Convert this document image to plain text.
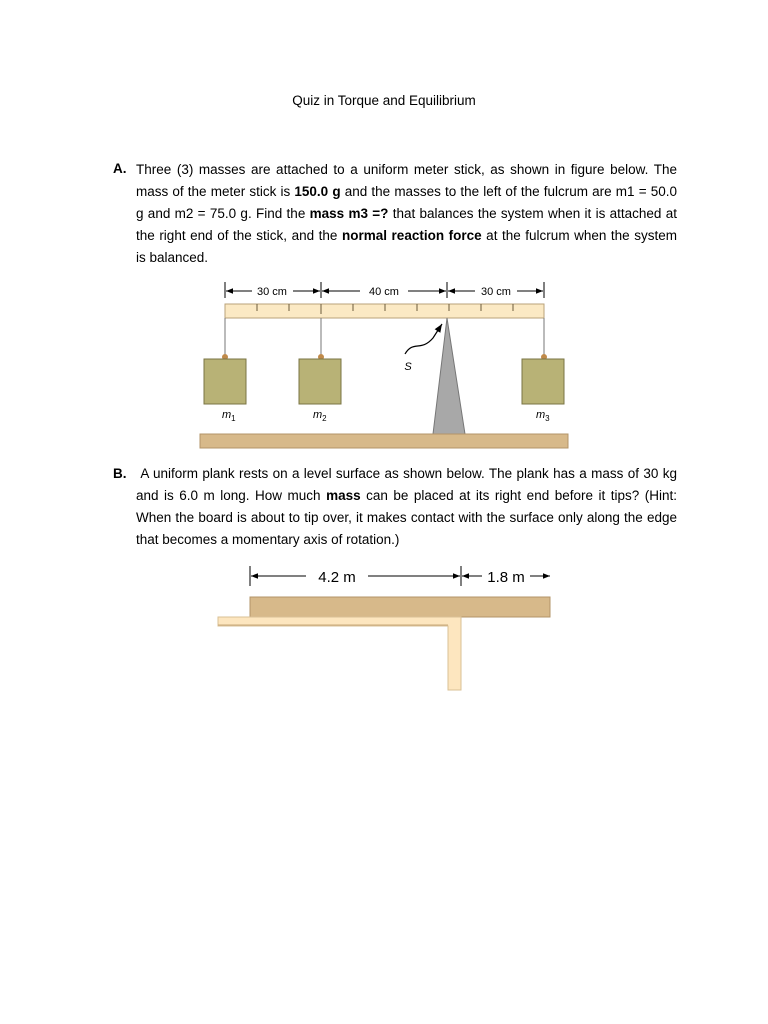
Quiz in Torque and Equilibrium
A. Three (3) masses are attached to a uniform meter stick, as shown in figure below. The mass of the meter stick is 150.0 g and the masses to the left of the fulcrum are m1 = 50.0 g and m2 = 75.0 g. Find the mass m3 =? that balances the system when it is attached at the right end of the stick, and the normal reaction force at the fulcrum when the system is balanced.
30 cm	40 cm	30 cm
S
$m_1$	$m_2$	$m_3$
B.	A uniform plank rests on a level surface as shown below. The plank has a mass of 30 kg and is 6.0 m long. How much mass can be placed at its right end before it tips? (Hint: When the board is about to tip over, it makes contact with the surface only along the edge that becomes a momentary axis of rotation.)
4.2 m	1.8 m
